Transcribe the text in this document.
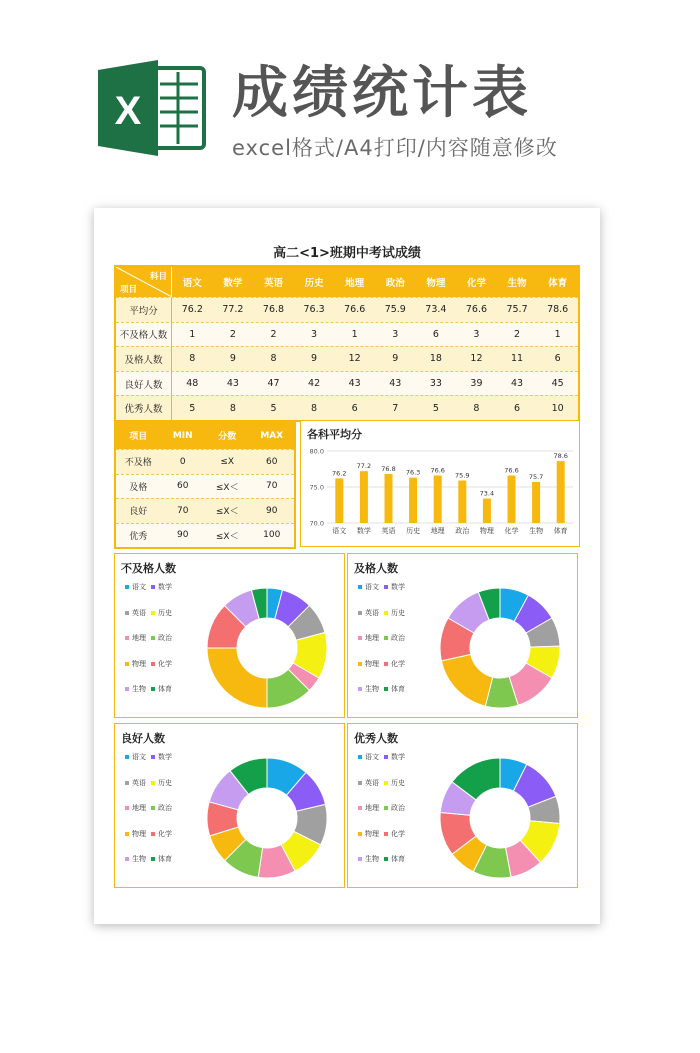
X 成绩统计表
excel格式/A4打印/内容随意修改
高二<1>班期中考试成绩
科目
项目
语文	数学	英语	历史	地理	政治	物理	化学	生物	体育
平均分	76.2	77.2	76.8	76.3	76.6	75.9	73.4	76.6	75.7	78.6
不及格人数	1	2	2	3	1	3	6	3	2	1
及格人数	8	9	8	9	12	9	18	12	11	6
良好人数	48	43	47	42	43	43	33	39	43	45
优秀人数	5	8	5	8	6	7	5	8	6	10
项目	MIN	分数	MAX
不及格	0	≤X	60
及格	60	≤X＜	70
良好	70	≤X＜	90
优秀	90	≤X＜	100
各科平均分
80.0
75.0
70.0
76.2
语文
77.2
数学
76.8
英语
76.3
历史
76.6
地理
75.9
政治
73.4
物理
76.6
化学
75.7
生物
78.6
体育
不及格人数
语文 数学
英语 历史
地理 政治
物理 化学
生物 体育
及格人数
语文 数学
英语 历史
地理 政治
物理 化学
生物 体育
良好人数
语文 数学
英语 历史
地理 政治
物理 化学
生物 体育
优秀人数
语文 数学
英语 历史
地理 政治
物理 化学
生物 体育
